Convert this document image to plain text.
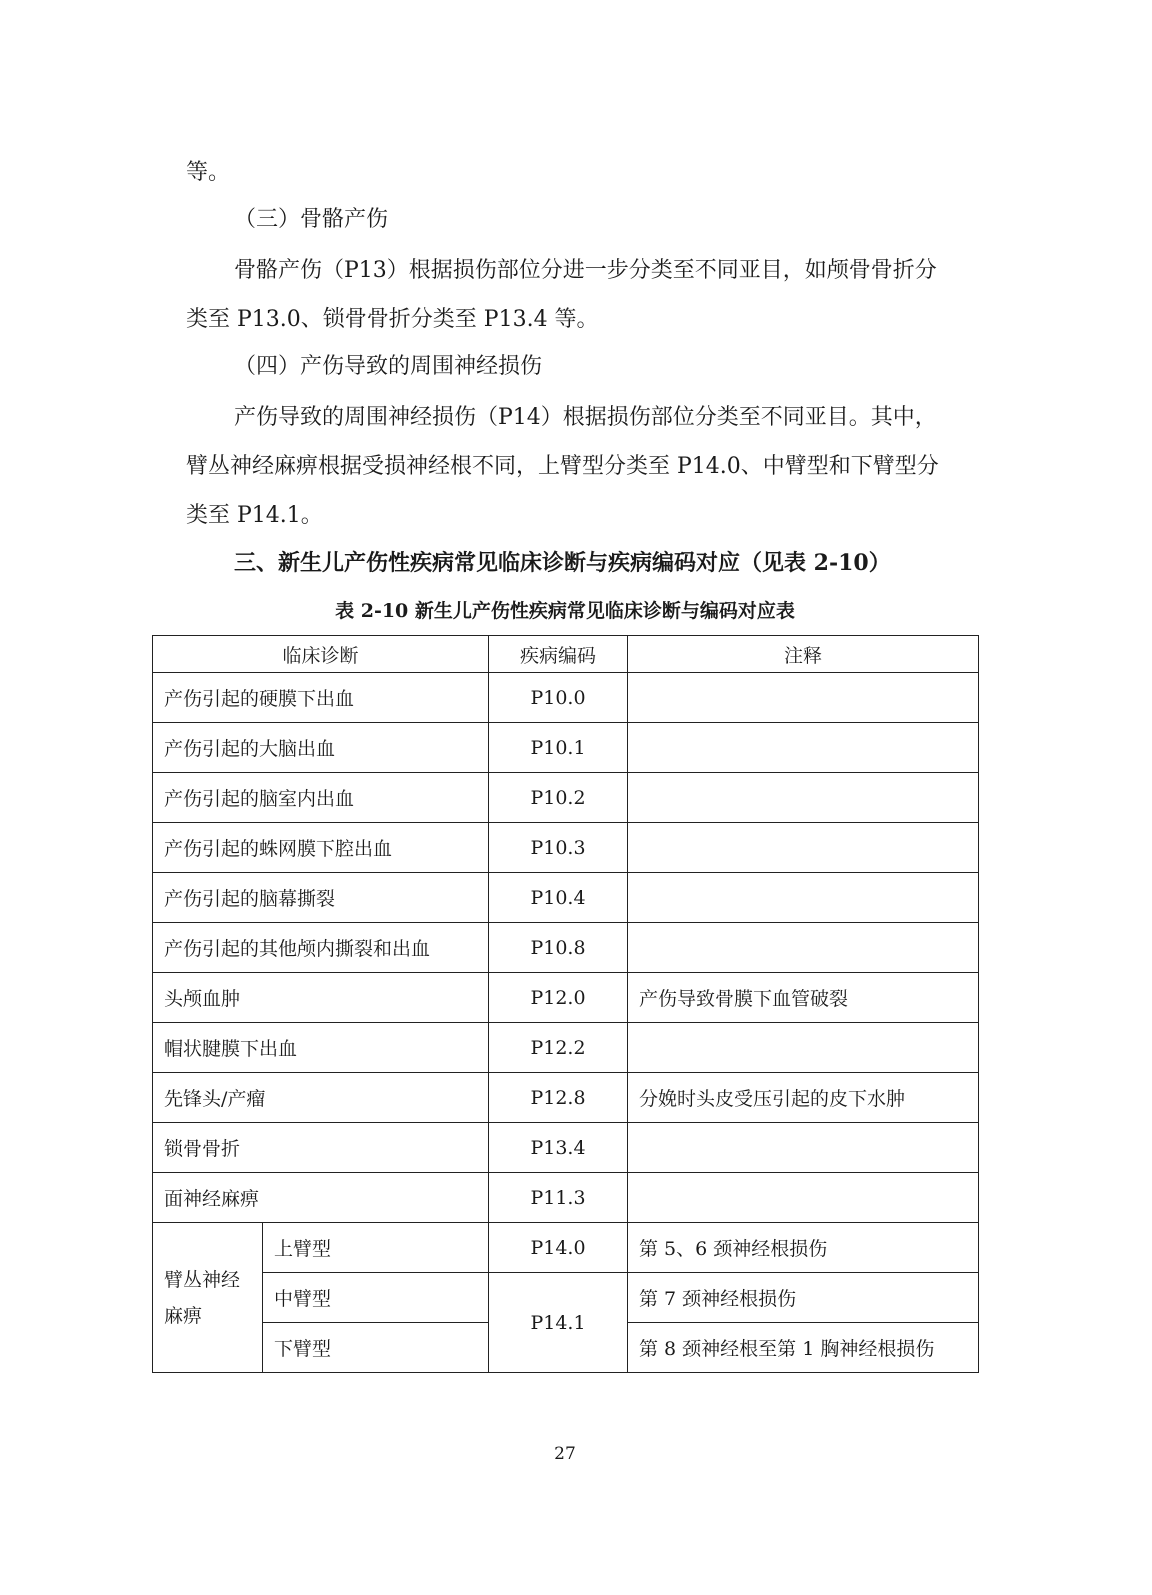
等。

（三）骨骼产伤

骨骼产伤（P13）根据损伤部位分进一步分类至不同亚目，如颅骨骨折分类至 P13.0、锁骨骨折分类至 P13.4 等。

（四）产伤导致的周围神经损伤

产伤导致的周围神经损伤（P14）根据损伤部位分类至不同亚目。其中，臂丛神经麻痹根据受损神经根不同，上臂型分类至 P14.0、中臂型和下臂型分类至 P14.1。

三、新生儿产伤性疾病常见临床诊断与疾病编码对应（见表 2-10）

表 2-10 新生儿产伤性疾病常见临床诊断与编码对应表

临床诊断		疾病编码	注释
产伤引起的硬膜下出血		P10.0	
产伤引起的大脑出血		P10.1	
产伤引起的脑室内出血		P10.2	
产伤引起的蛛网膜下腔出血		P10.3	
产伤引起的脑幕撕裂		P10.4	
产伤引起的其他颅内撕裂和出血		P10.8	
头颅血肿		P12.0	产伤导致骨膜下血管破裂
帽状腱膜下出血		P12.2	
先锋头/产瘤		P12.8	分娩时头皮受压引起的皮下水肿
锁骨骨折		P13.4	
面神经麻痹		P11.3	

臂丛神经麻痹	上臂型	P14.0	第 5、6 颈神经根损伤
	中臂型	P14.1	第 7 颈神经根损伤
	下臂型		第 8 颈神经根至第 1 胸神经根损伤

27
